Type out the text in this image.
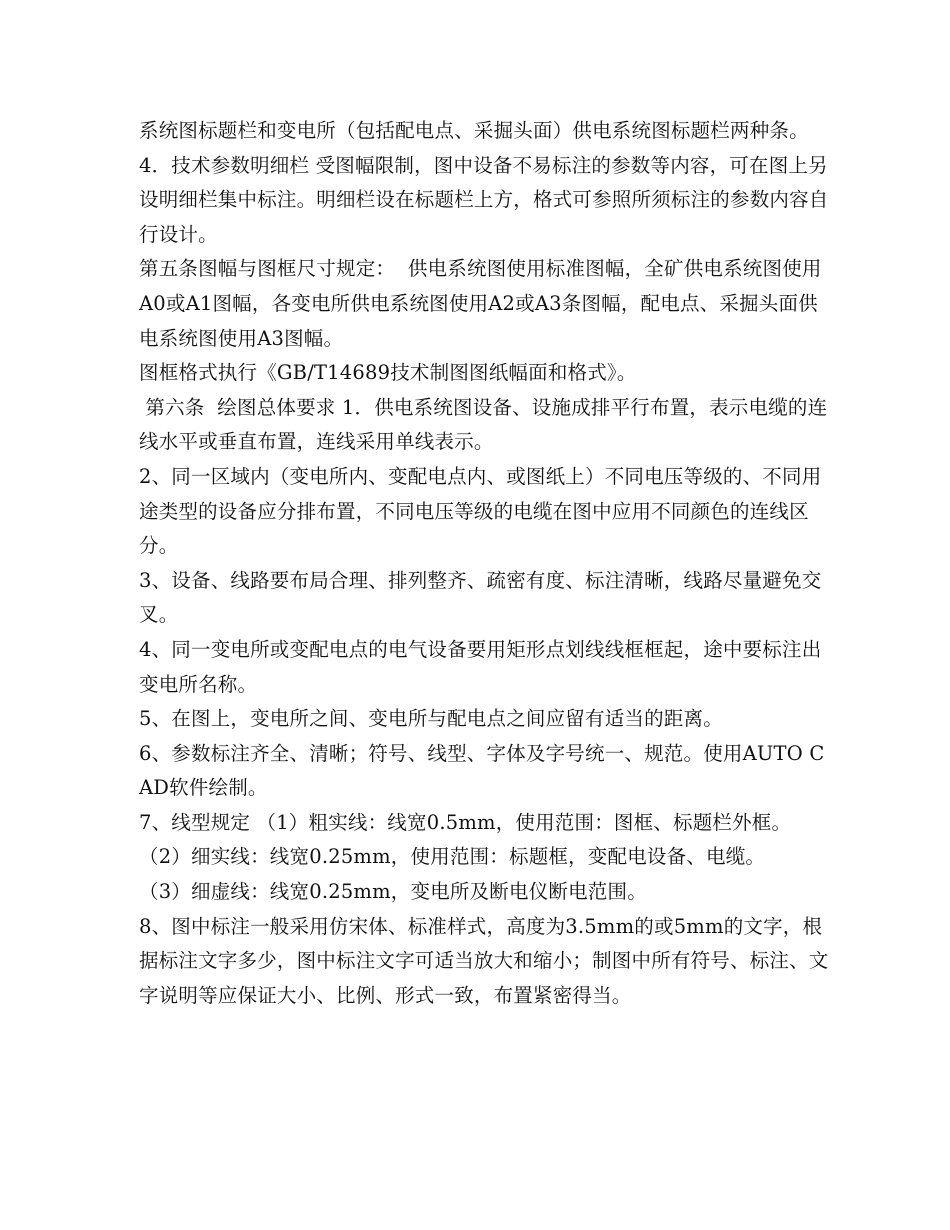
系统图标题栏和变电所（包括配电点、采掘头面）供电系统图标题栏两种条。

4．技术参数明细栏 受图幅限制，图中设备不易标注的参数等内容，可在图上另设明细栏集中标注。明细栏设在标题栏上方，格式可参照所须标注的参数内容自行设计。

第五条图幅与图框尺寸规定：  供电系统图使用标准图幅，全矿供电系统图使用A0或A1图幅，各变电所供电系统图使用A2或A3条图幅，配电点、采掘头面供电系统图使用A3图幅。

图框格式执行《GB/T14689技术制图图纸幅面和格式》。

第六条  绘图总体要求 1．供电系统图设备、设施成排平行布置，表示电缆的连线水平或垂直布置，连线采用单线表示。

2、同一区域内（变电所内、变配电点内、或图纸上）不同电压等级的、不同用途类型的设备应分排布置，不同电压等级的电缆在图中应用不同颜色的连线区分。

3、设备、线路要布局合理、排列整齐、疏密有度、标注清晰，线路尽量避免交叉。

4、同一变电所或变配电点的电气设备要用矩形点划线线框框起，途中要标注出变电所名称。

5、在图上，变电所之间、变电所与配电点之间应留有适当的距离。

6、参数标注齐全、清晰；符号、线型、字体及字号统一、规范。使用AUTO CAD软件绘制。

7、线型规定 （1）粗实线：线宽0.5mm，使用范围：图框、标题栏外框。

（2）细实线：线宽0.25mm，使用范围：标题框，变配电设备、电缆。

（3）细虚线：线宽0.25mm，变电所及断电仪断电范围。

8、图中标注一般采用仿宋体、标准样式，高度为3.5mm的或5mm的文字，根据标注文字多少，图中标注文字可适当放大和缩小；制图中所有符号、标注、文字说明等应保证大小、比例、形式一致，布置紧密得当。
